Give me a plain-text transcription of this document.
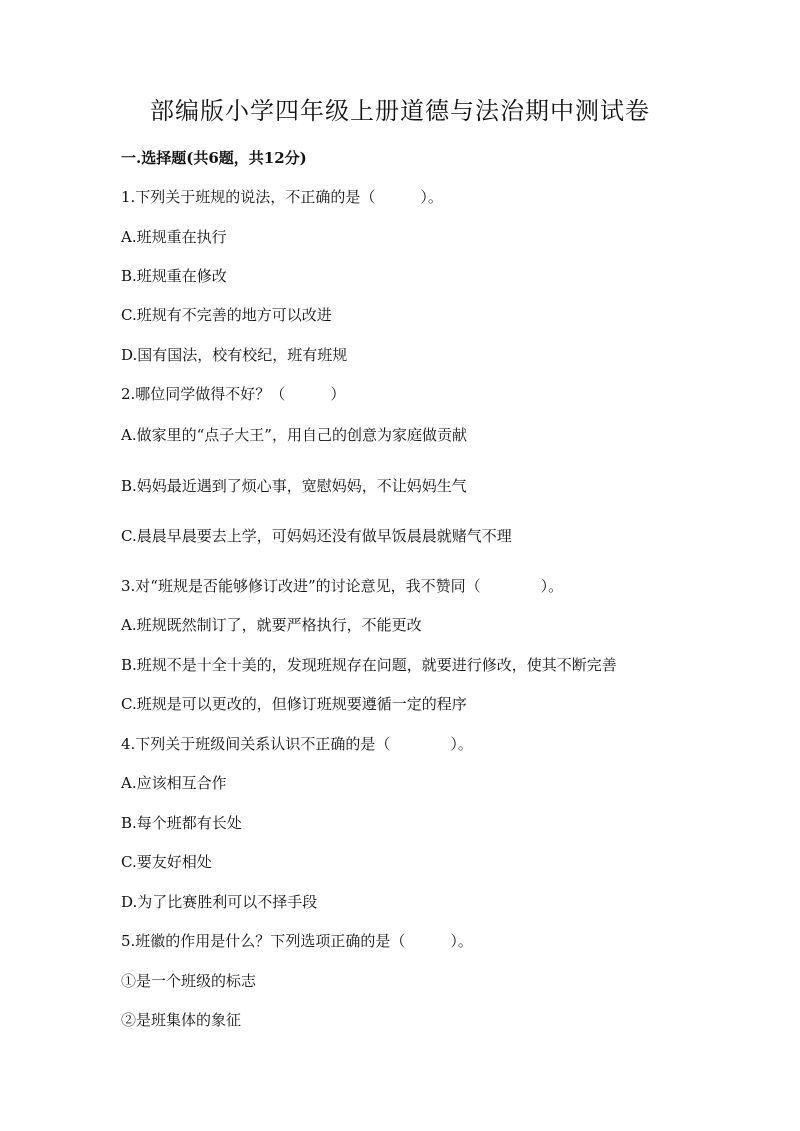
部编版小学四年级上册道德与法治期中测试卷
一.选择题(共6题，共12分)
1.下列关于班规的说法，不正确的是（　　　）。
A.班规重在执行
B.班规重在修改
C.班规有不完善的地方可以改进
D.国有国法，校有校纪，班有班规
2.哪位同学做得不好？（　　　）
A.做家里的“点子大王”，用自己的创意为家庭做贡献
B.妈妈最近遇到了烦心事，宽慰妈妈，不让妈妈生气
C.晨晨早晨要去上学，可妈妈还没有做早饭晨晨就赌气不理
3.对“班规是否能够修订改进”的讨论意见，我不赞同（　　　　）。
A.班规既然制订了，就要严格执行，不能更改
B.班规不是十全十美的，发现班规存在问题，就要进行修改，使其不断完善
C.班规是可以更改的，但修订班规要遵循一定的程序
4.下列关于班级间关系认识不正确的是（　　　　）。
A.应该相互合作
B.每个班都有长处
C.要友好相处
D.为了比赛胜利可以不择手段
5.班徽的作用是什么？下列选项正确的是（　　　）。
①是一个班级的标志
②是班集体的象征
